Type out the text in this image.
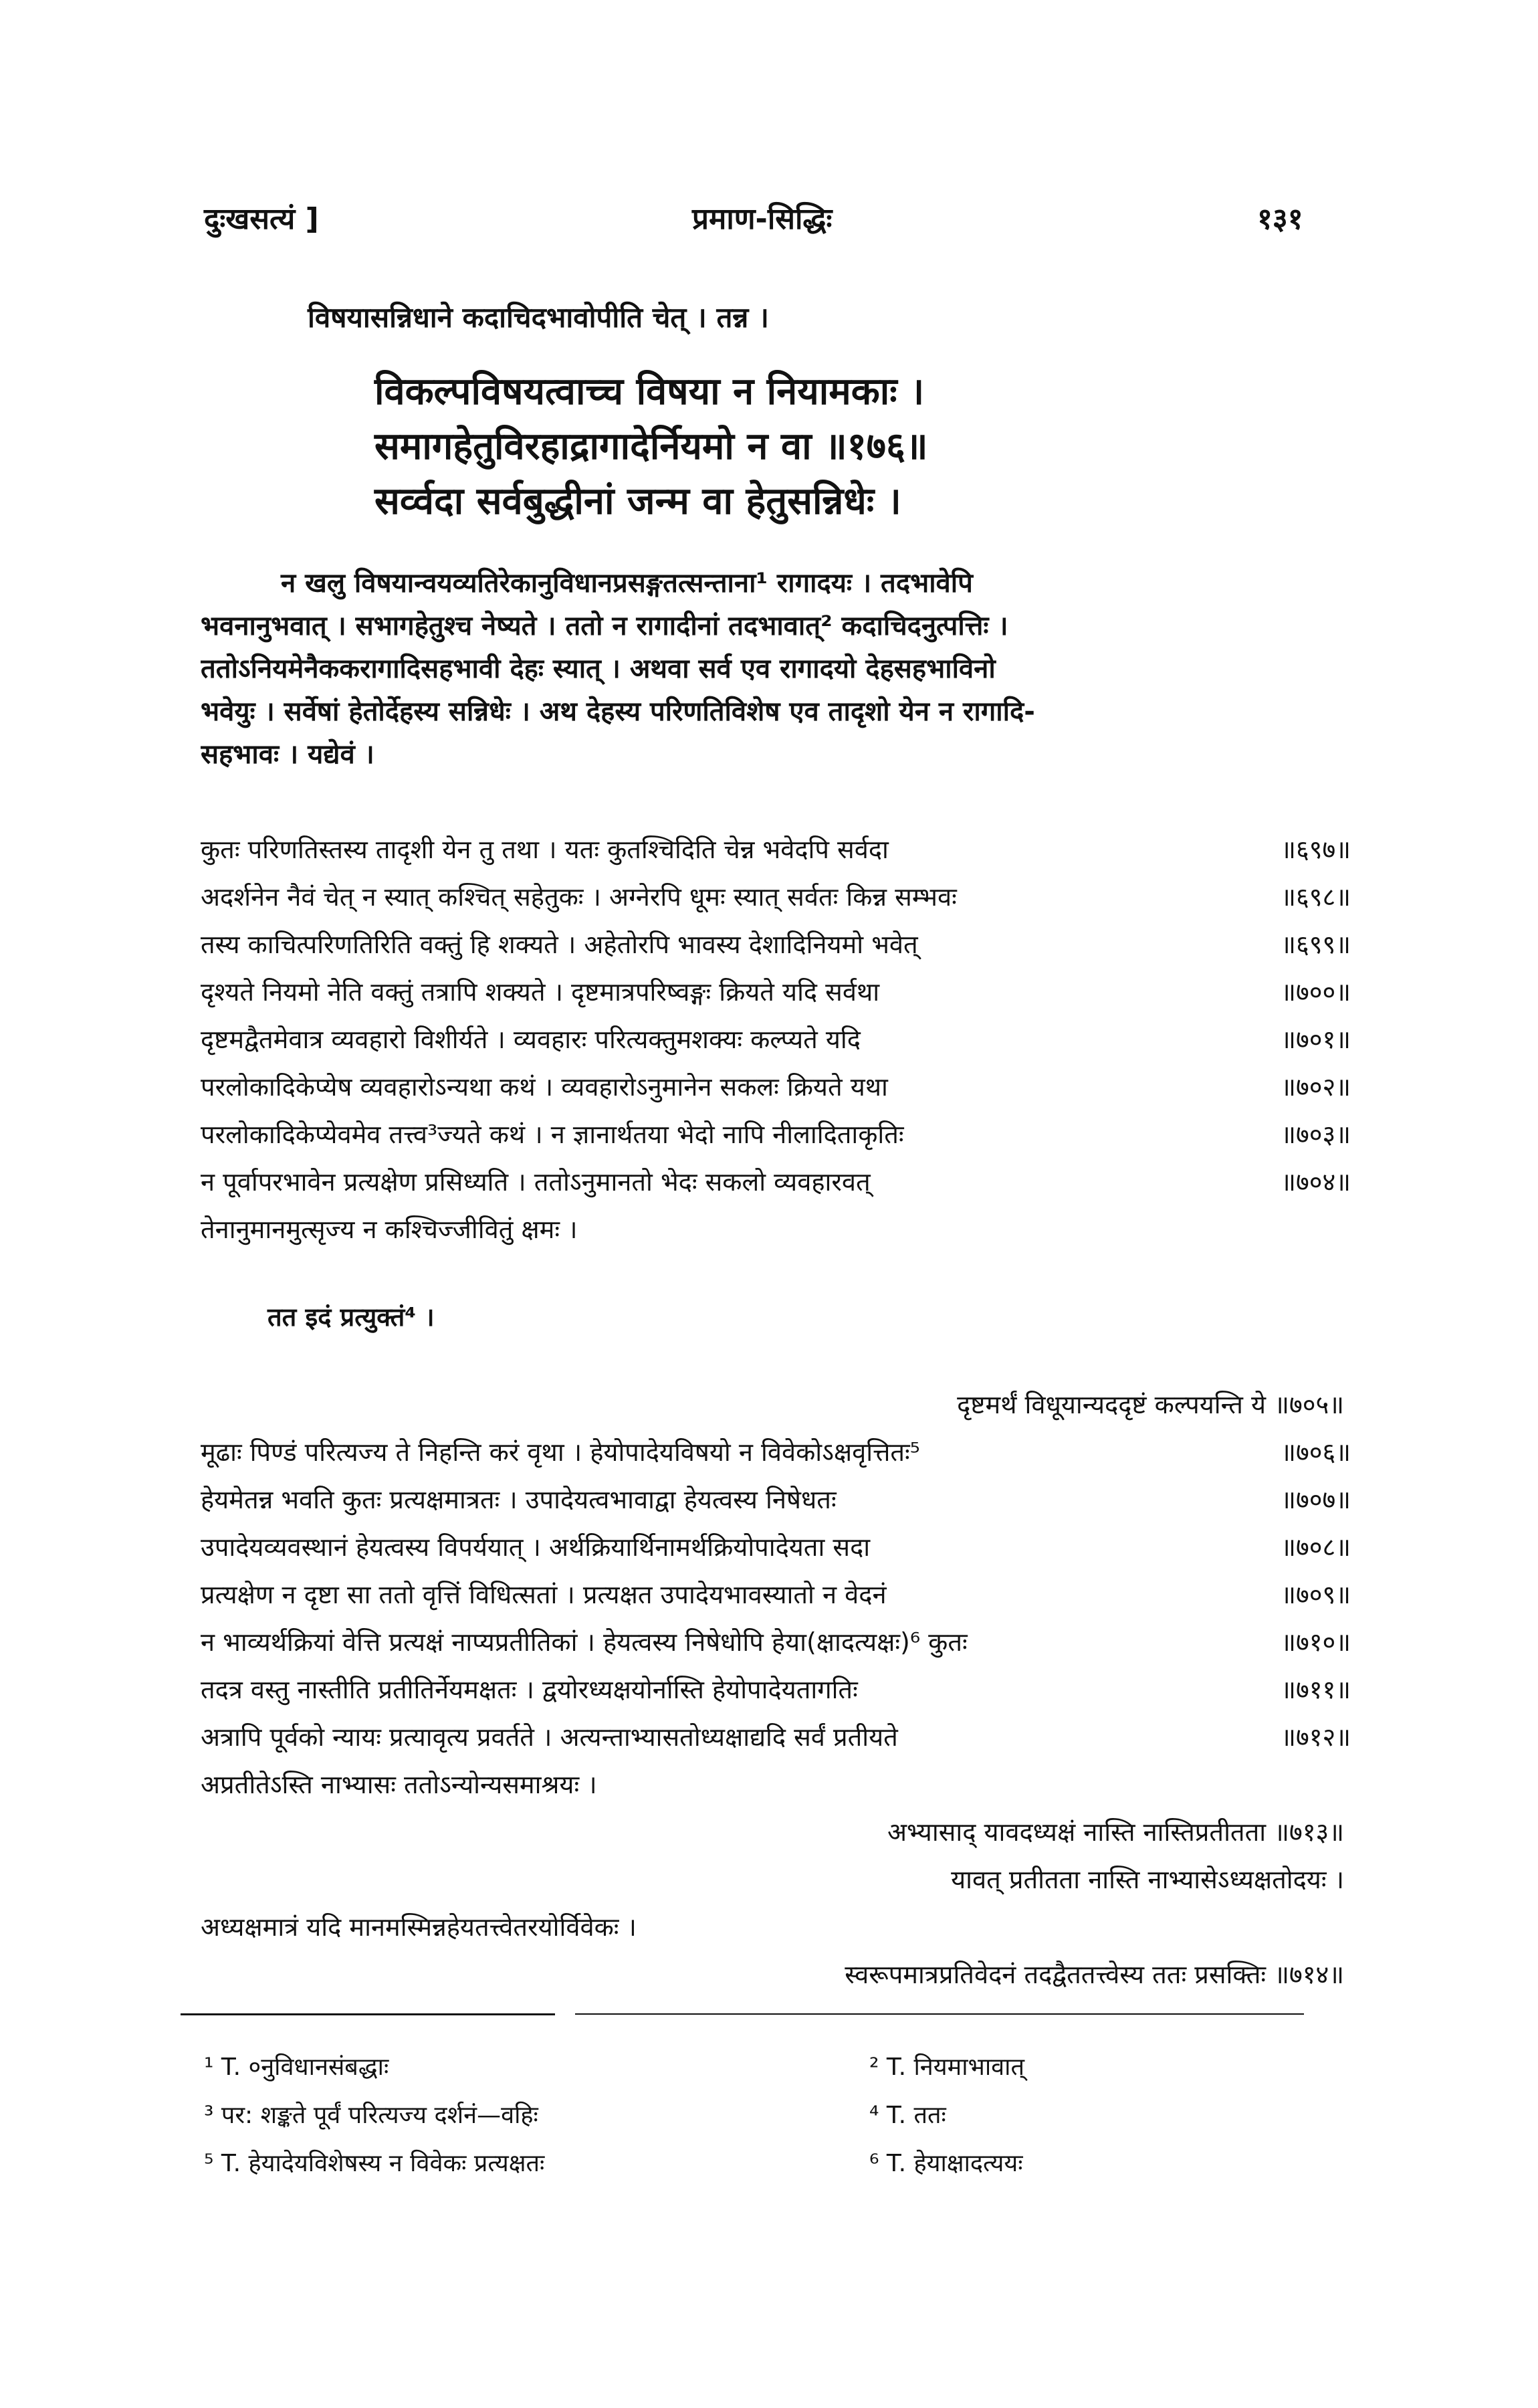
दुःखसत्यं ]	प्रमाण-सिद्धिः	१३१
विषयासन्निधाने कदाचिदभावोपीति चेत् । तन्न ।
विकल्पविषयत्वाच्च विषया न नियामकाः ।
समागहेतुविरहाद्रागादेर्नियमो न वा ॥१७६॥
सर्व्वदा सर्वबुद्धीनां जन्म वा हेतुसन्निधेः ।
न खलु विषयान्वयव्यतिरेकानुविधानप्रसङ्गतत्सन्ताना¹ रागादयः । तदभावेपि
भवनानुभवात् । सभागहेतुश्च नेष्यते । ततो न रागादीनां तदभावात्² कदाचिदनुत्पत्तिः ।
ततोऽनियमेनैककरागादिसहभावी देहः स्यात् । अथवा सर्व एव रागादयो देहसहभाविनो
भवेयुः । सर्वेषां हेतोर्देहस्य सन्निधेः । अथ देहस्य परिणतिविशेष एव तादृशो येन न रागादि-
सहभावः । यद्येवं ।
कुतः परिणतिस्तस्य तादृशी येन तु तथा । यतः कुतश्चिदिति चेन्न भवेदपि सर्वदा	॥६९७॥
अदर्शनेन नैवं चेत् न स्यात् कश्चित् सहेतुकः । अग्नेरपि धूमः स्यात् सर्वतः किन्न सम्भवः	॥६९८॥
तस्य काचित्परिणतिरिति वक्तुं हि शक्यते । अहेतोरपि भावस्य देशादिनियमो भवेत्	॥६९९॥
दृश्यते नियमो नेति वक्तुं तत्रापि शक्यते । दृष्टमात्रपरिष्वङ्गः क्रियते यदि सर्वथा	॥७००॥
दृष्टमद्वैतमेवात्र व्यवहारो विशीर्यते । व्यवहारः परित्यक्तुमशक्यः कल्प्यते यदि	॥७०१॥
परलोकादिकेप्येष व्यवहारोऽन्यथा कथं । व्यवहारोऽनुमानेन सकलः क्रियते यथा	॥७०२॥
परलोकादिकेप्येवमेव तत्त्व³ज्यते कथं । न ज्ञानार्थतया भेदो नापि नीलादिताकृतिः	॥७०३॥
न पूर्वापरभावेन प्रत्यक्षेण प्रसिध्यति । ततोऽनुमानतो भेदः सकलो व्यवहारवत्	॥७०४॥
तेनानुमानमुत्सृज्य न कश्चिज्जीवितुं क्षमः ।
तत इदं प्रत्युक्तं⁴ ।
दृष्टमर्थं विधूयान्यददृष्टं कल्पयन्ति ये ॥७०५॥
मूढाः पिण्डं परित्यज्य ते निहन्ति करं वृथा । हेयोपादेयविषयो न विवेकोऽक्षवृत्तितः⁵	॥७०६॥
हेयमेतन्न भवति कुतः प्रत्यक्षमात्रतः । उपादेयत्वभावाद्वा हेयत्वस्य निषेधतः	॥७०७॥
उपादेयव्यवस्थानं हेयत्वस्य विपर्ययात् । अर्थक्रियार्थिनामर्थक्रियोपादेयता सदा	॥७०८॥
प्रत्यक्षेण न दृष्टा सा ततो वृत्तिं विधित्सतां । प्रत्यक्षत उपादेयभावस्यातो न वेदनं	॥७०९॥
न भाव्यर्थक्रियां वेत्ति प्रत्यक्षं नाप्यप्रतीतिकां । हेयत्वस्य निषेधोपि हेया(क्षादत्यक्षः)⁶ कुतः	॥७१०॥
तदत्र वस्तु नास्तीति प्रतीतिर्नेयमक्षतः । द्वयोरध्यक्षयोर्नास्ति हेयोपादेयतागतिः	॥७११॥
अत्रापि पूर्वको न्यायः प्रत्यावृत्य प्रवर्तते । अत्यन्ताभ्यासतोध्यक्षाद्यदि सर्वं प्रतीयते	॥७१२॥
अप्रतीतेऽस्ति नाभ्यासः ततोऽन्योन्यसमाश्रयः ।
अभ्यासाद् यावदध्यक्षं नास्ति नास्तिप्रतीतता ॥७१३॥
यावत् प्रतीतता नास्ति नाभ्यासेऽध्यक्षतोदयः ।
अध्यक्षमात्रं यदि मानमस्मिन्नहेयतत्त्वेतरयोर्विवेकः ।
स्वरूपमात्रप्रतिवेदनं तदद्वैततत्त्वेस्य ततः प्रसक्तिः ॥७१४॥
¹ T. ०नुविधानसंबद्धाः
³ पर: शङ्कते पूर्वं परित्यज्य दर्शनं—वहिः
⁵ T. हेयादेयविशेषस्य न विवेकः प्रत्यक्षतः
² T. नियमाभावात्
⁴ T. ततः
⁶ T. हेयाक्षादत्ययः
